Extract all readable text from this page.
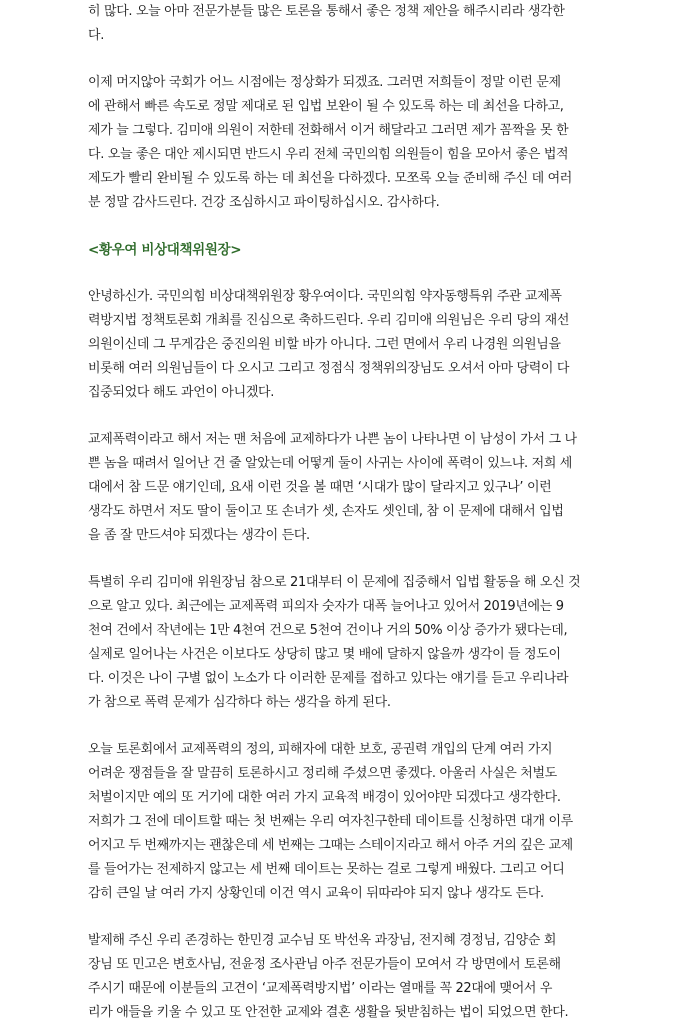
히 많다. 오늘 아마 전문가분들 많은 토론을 통해서 좋은 정책 제안을 해주시리라 생각한
다.
이제 머지않아 국회가 어느 시점에는 정상화가 되겠죠. 그러면 저희들이 정말 이런 문제
에 관해서 빠른 속도로 정말 제대로 된 입법 보완이 될 수 있도록 하는 데 최선을 다하고,
제가 늘 그렇다. 김미애 의원이 저한테 전화해서 이거 해달라고 그러면 제가 꼼짝을 못 한
다. 오늘 좋은 대안 제시되면 반드시 우리 전체 국민의힘 의원들이 힘을 모아서 좋은 법적
제도가 빨리 완비될 수 있도록 하는 데 최선을 다하겠다. 모쪼록 오늘 준비해 주신 데 여러
분 정말 감사드린다. 건강 조심하시고 파이팅하십시오. 감사하다.
<황우여 비상대책위원장>
안녕하신가. 국민의힘 비상대책위원장 황우여이다. 국민의힘 약자동행특위 주관 교제폭
력방지법 정책토론회 개최를 진심으로 축하드린다. 우리 김미애 의원님은 우리 당의 재선
의원이신데 그 무게감은 중진의원 비할 바가 아니다. 그런 면에서 우리 나경원 의원님을
비롯해 여러 의원님들이 다 오시고 그리고 정점식 정책위의장님도 오셔서 아마 당력이 다
집중되었다 해도 과언이 아니겠다.
교제폭력이라고 해서 저는 맨 처음에 교제하다가 나쁜 놈이 나타나면 이 남성이 가서 그 나
쁜 놈을 때려서 일어난 건 줄 알았는데 어떻게 둘이 사귀는 사이에 폭력이 있느냐. 저희 세
대에서 참 드문 얘기인데, 요새 이런 것을 볼 때면 ‘시대가 많이 달라지고 있구나’ 이런
생각도 하면서 저도 딸이 둘이고 또 손녀가 셋, 손자도 셋인데, 참 이 문제에 대해서 입법
을 좀 잘 만드셔야 되겠다는 생각이 든다.
특별히 우리 김미애 위원장님 참으로 21대부터 이 문제에 집중해서 입법 활동을 해 오신 것
으로 알고 있다. 최근에는 교제폭력 피의자 숫자가 대폭 늘어나고 있어서 2019년에는 9
천여 건에서 작년에는 1만 4천여 건으로 5천여 건이나 거의 50% 이상 증가가 됐다는데,
실제로 일어나는 사건은 이보다도 상당히 많고 몇 배에 달하지 않을까 생각이 들 정도이
다. 이것은 나이 구별 없이 노소가 다 이러한 문제를 접하고 있다는 얘기를 듣고 우리나라
가 참으로 폭력 문제가 심각하다 하는 생각을 하게 된다.
오늘 토론회에서 교제폭력의 정의, 피해자에 대한 보호, 공권력 개입의 단계 여러 가지
어려운 쟁점들을 잘 말끔히 토론하시고 정리해 주셨으면 좋겠다. 아울러 사실은 처벌도
처벌이지만 예의 또 거기에 대한 여러 가지 교육적 배경이 있어야만 되겠다고 생각한다.
저희가 그 전에 데이트할 때는 첫 번째는 우리 여자친구한테 데이트를 신청하면 대개 이루
어지고 두 번째까지는 괜찮은데 세 번째는 그때는 스테이지라고 해서 아주 거의 깊은 교제
를 들어가는 전제하지 않고는 세 번째 데이트는 못하는 걸로 그렇게 배웠다. 그리고 어디
감히 큰일 날 여러 가지 상황인데 이건 역시 교육이 뒤따라야 되지 않나 생각도 든다.
발제해 주신 우리 존경하는 한민경 교수님 또 박선옥 과장님, 전지혜 경정님, 김양순 회
장님 또 민고은 변호사님, 전윤정 조사관님 아주 전문가들이 모여서 각 방면에서 토론해
주시기 때문에 이분들의 고견이 ‘교제폭력방지법’ 이라는 열매를 꼭 22대에 맺어서 우
리가 애들을 키울 수 있고 또 안전한 교제와 결혼 생활을 뒷받침하는 법이 되었으면 한다.
